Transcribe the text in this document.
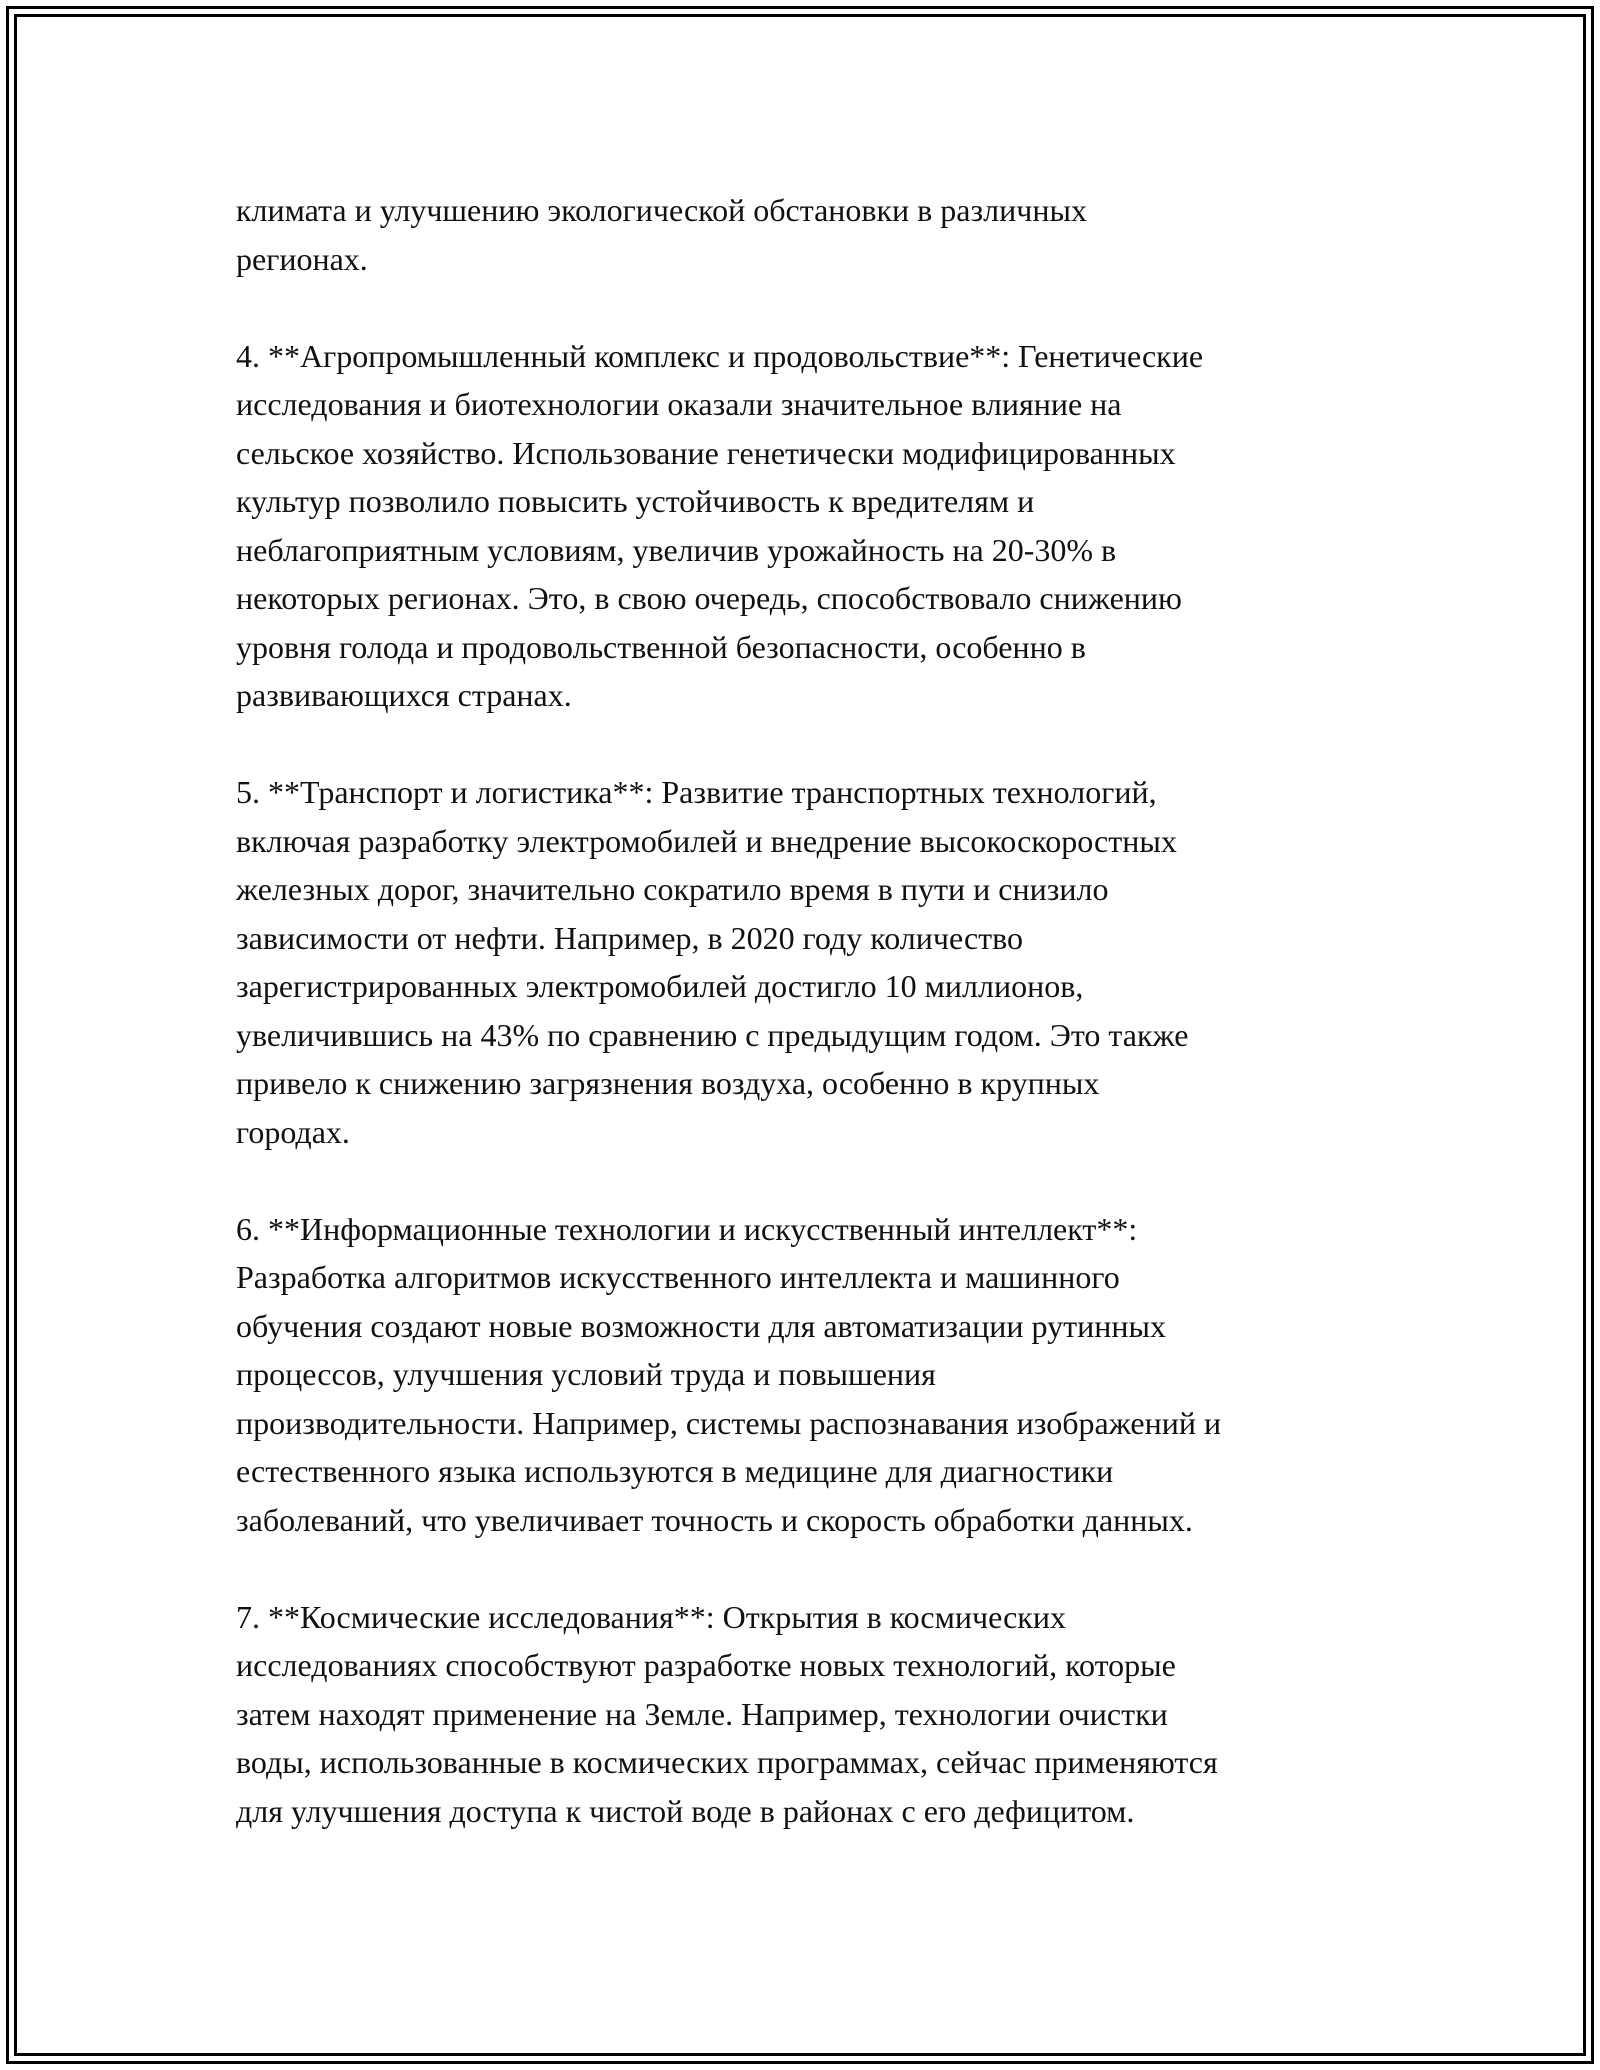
климата и улучшению экологической обстановки в различных
регионах.
4. **Агропромышленный комплекс и продовольствие**: Генетические
исследования и биотехнологии оказали значительное влияние на
сельское хозяйство. Использование генетически модифицированных
культур позволило повысить устойчивость к вредителям и
неблагоприятным условиям, увеличив урожайность на 20-30% в
некоторых регионах. Это, в свою очередь, способствовало снижению
уровня голода и продовольственной безопасности, особенно в
развивающихся странах.
5. **Транспорт и логистика**: Развитие транспортных технологий,
включая разработку электромобилей и внедрение высокоскоростных
железных дорог, значительно сократило время в пути и снизило
зависимости от нефти. Например, в 2020 году количество
зарегистрированных электромобилей достигло 10 миллионов,
увеличившись на 43% по сравнению с предыдущим годом. Это также
привело к снижению загрязнения воздуха, особенно в крупных
городах.
6. **Информационные технологии и искусственный интеллект**:
Разработка алгоритмов искусственного интеллекта и машинного
обучения создают новые возможности для автоматизации рутинных
процессов, улучшения условий труда и повышения
производительности. Например, системы распознавания изображений и
естественного языка используются в медицине для диагностики
заболеваний, что увеличивает точность и скорость обработки данных.
7. **Космические исследования**: Открытия в космических
исследованиях способствуют разработке новых технологий, которые
затем находят применение на Земле. Например, технологии очистки
воды, использованные в космических программах, сейчас применяются
для улучшения доступа к чистой воде в районах с его дефицитом.
